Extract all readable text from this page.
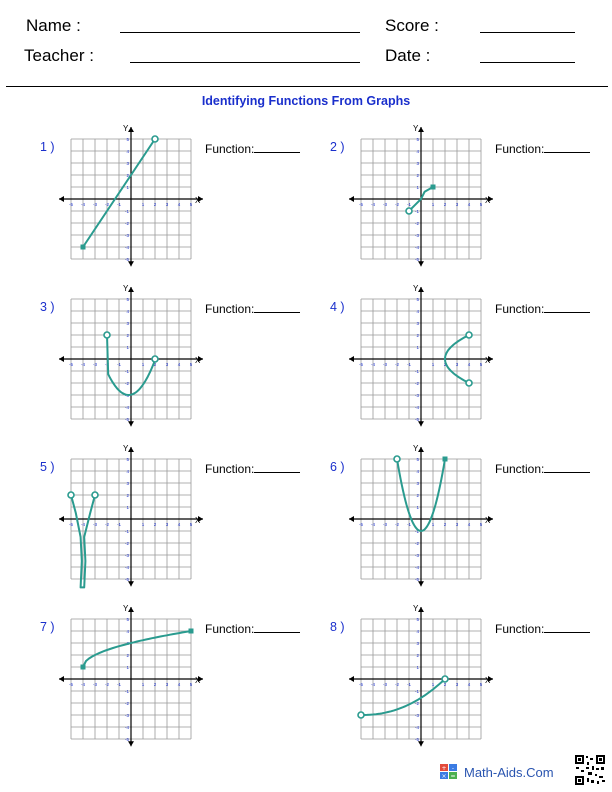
Name :	Score :
Teacher :	Date :
Identifying Functions From Graphs
1 )	Function:
X
Y
-5
-5
-4
-4
-3
-3
-2
-2
-1
-1
1
1
2
2
3
3
4
4
5
5
2 )	Function:
X
Y
-5
-5
-4
-4
-3
-3
-2
-2
-1
-1
1
1
2
2
3
3
4
4
5
5
3 )	Function:
X
Y
-5
-5
-4
-4
-3
-3
-2
-2
-1
-1
1
1
2
2
3
3
4
4
5
5
4 )	Function:
X
Y
-5
-5
-4
-4
-3
-3
-2
-2
-1
-1
1
1
2
2
3
3
4
4
5
5
5 )	Function:
X
Y
-5
-5
-4
-4
-3
-3
-2
-2
-1
-1
1
1
2
2
3
3
4
4
5
5
6 )	Function:
X
Y
-5
-5
-4
-4
-3
-3
-2
-2
-1
-1
1
1
2
2
3
3
4
4
5
5
7 )	Function:
X
Y
-5
-5
-4
-4
-3
-3
-2
-2
-1
-1
1
1
2
2
3
3
4
4
5
5
8 )	Function:
X
Y
-5
-5
-4
-4
-3
-3
-2
-2
-1
-1
1
1
2
2
3
3
4
4
5
5
+ -
× = Math-Aids.Com
